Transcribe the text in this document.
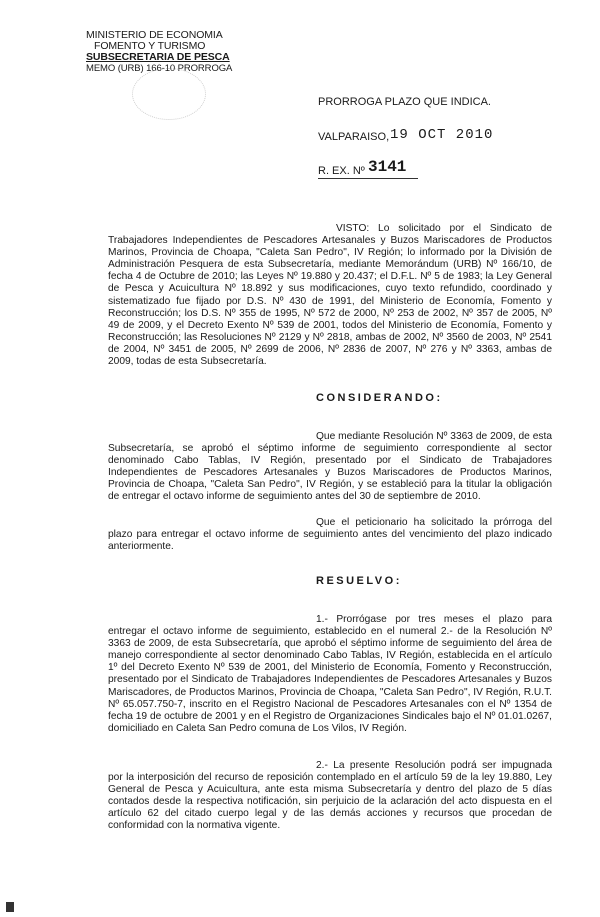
MINISTERIO DE ECONOMIA
FOMENTO Y TURISMO
SUBSECRETARIA DE PESCA
MEMO (URB) 166-10 PRORROGA
PRORROGA PLAZO QUE INDICA.
VALPARAISO, 19 OCT 2010
R. EX. Nº 3141
VISTO: Lo solicitado por el Sindicato de Trabajadores Independientes de Pescadores Artesanales y Buzos Mariscadores de Productos Marinos, Provincia de Choapa, "Caleta San Pedro", IV Región; lo informado por la División de Administración Pesquera de esta Subsecretaría, mediante Memorándum (URB) Nº 166/10, de fecha 4 de Octubre de 2010; las Leyes Nº 19.880 y 20.437; el D.F.L. Nº 5 de 1983; la Ley General de Pesca y Acuicultura Nº 18.892 y sus modificaciones, cuyo texto refundido, coordinado y sistematizado fue fijado por D.S. Nº 430 de 1991, del Ministerio de Economía, Fomento y Reconstrucción; los D.S. Nº 355 de 1995, Nº 572 de 2000, Nº 253 de 2002, Nº 357 de 2005, Nº 49 de 2009, y el Decreto Exento Nº 539 de 2001, todos del Ministerio de Economía, Fomento y Reconstrucción; las Resoluciones Nº 2129 y Nº 2818, ambas de 2002, Nº 3560 de 2003, Nº 2541 de 2004, Nº 3451 de 2005, Nº 2699 de 2006, Nº 2836 de 2007, Nº 276 y Nº 3363, ambas de 2009, todas de esta Subsecretaría.
CONSIDERANDO:
Que mediante Resolución Nº 3363 de 2009, de esta Subsecretaría, se aprobó el séptimo informe de seguimiento correspondiente al sector denominado Cabo Tablas, IV Región, presentado por el Sindicato de Trabajadores Independientes de Pescadores Artesanales y Buzos Mariscadores de Productos Marinos, Provincia de Choapa, "Caleta San Pedro", IV Región, y se estableció para la titular la obligación de entregar el octavo informe de seguimiento antes del 30 de septiembre de 2010.
Que el peticionario ha solicitado la prórroga del plazo para entregar el octavo informe de seguimiento antes del vencimiento del plazo indicado anteriormente.
RESUELVO:
1.- Prorrógase por tres meses el plazo para entregar el octavo informe de seguimiento, establecido en el numeral 2.- de la Resolución Nº 3363 de 2009, de esta Subsecretaría, que aprobó el séptimo informe de seguimiento del área de manejo correspondiente al sector denominado Cabo Tablas, IV Región, establecida en el artículo 1º del Decreto Exento Nº 539 de 2001, del Ministerio de Economía, Fomento y Reconstrucción, presentado por el Sindicato de Trabajadores Independientes de Pescadores Artesanales y Buzos Mariscadores, de Productos Marinos, Provincia de Choapa, "Caleta San Pedro", IV Región, R.U.T. Nº 65.057.750-7, inscrito en el Registro Nacional de Pescadores Artesanales con el Nº 1354 de fecha 19 de octubre de 2001 y en el Registro de Organizaciones Sindicales bajo el Nº 01.01.0267, domiciliado en Caleta San Pedro comuna de Los Vilos, IV Región.
2.- La presente Resolución podrá ser impugnada por la interposición del recurso de reposición contemplado en el artículo 59 de la ley 19.880, Ley General de Pesca y Acuicultura, ante esta misma Subsecretaría y dentro del plazo de 5 días contados desde la respectiva notificación, sin perjuicio de la aclaración del acto dispuesta en el artículo 62 del citado cuerpo legal y de las demás acciones y recursos que procedan de conformidad con la normativa vigente.
